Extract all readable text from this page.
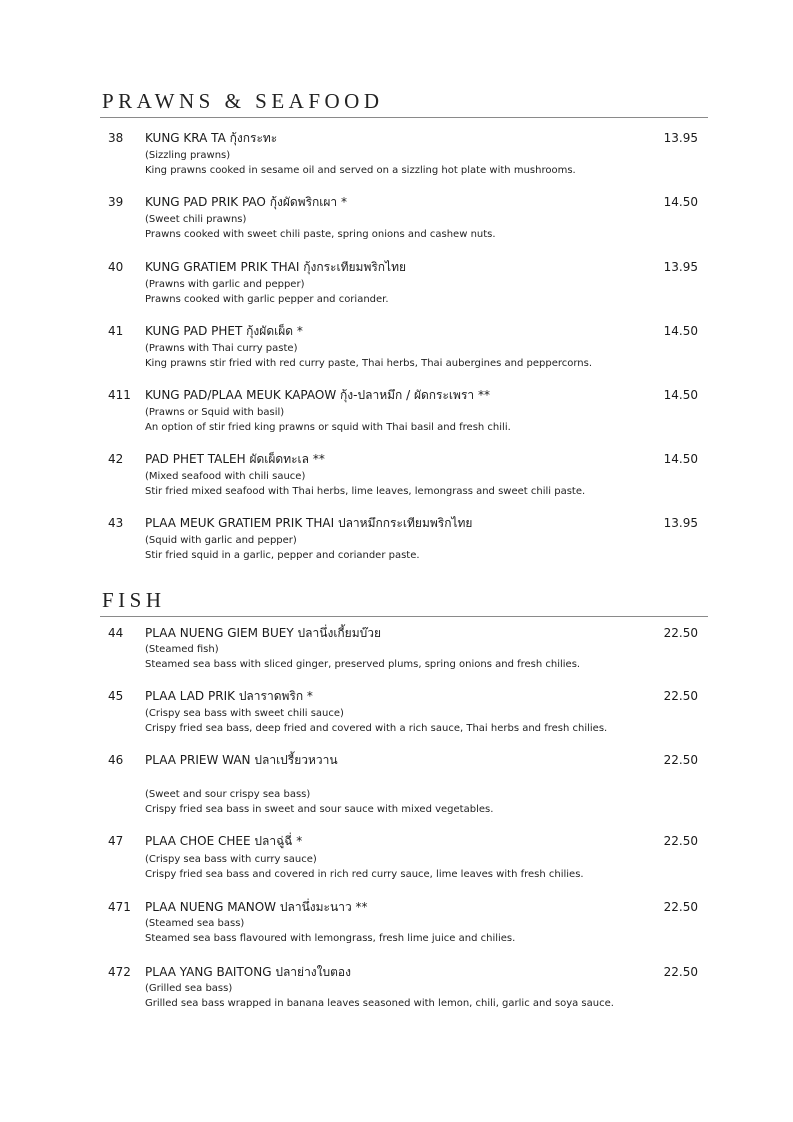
PRAWNS & SEAFOOD
38 KUNG KRA TA กุ้งกระทะ	13.95
(Sizzling prawns)
King prawns cooked in sesame oil and served on a sizzling hot plate with mushrooms.
39 KUNG PAD PRIK PAO กุ้งผัดพริกเผา *	14.50
(Sweet chili prawns)
Prawns cooked with sweet chili paste, spring onions and cashew nuts.
40 KUNG GRATIEM PRIK THAI กุ้งกระเทียมพริกไทย	13.95
(Prawns with garlic and pepper)
Prawns cooked with garlic pepper and coriander.
41 KUNG PAD PHET กุ้งผัดเผ็ด *	14.50
(Prawns with Thai curry paste)
King prawns stir fried with red curry paste, Thai herbs, Thai aubergines and peppercorns.
411 KUNG PAD/PLAA MEUK KAPAOW กุ้ง-ปลาหมึก / ผัดกระเพรา **	14.50
(Prawns or Squid with basil)
An option of stir fried king prawns or squid with Thai basil and fresh chili.
42 PAD PHET TALEH ผัดเผ็ดทะเล **	14.50
(Mixed seafood with chili sauce)
Stir fried mixed seafood with Thai herbs, lime leaves, lemongrass and sweet chili paste.
43 PLAA MEUK GRATIEM PRIK THAI ปลาหมึกกระเทียมพริกไทย	13.95
(Squid with garlic and pepper)
Stir fried squid in a garlic, pepper and coriander paste.
FISH
44 PLAA NUENG GIEM BUEY ปลานึ่งเกี้ยมบ๊วย	22.50
(Steamed fish)
Steamed sea bass with sliced ginger, preserved plums, spring onions and fresh chilies.
45 PLAA LAD PRIK ปลาราดพริก *	22.50
(Crispy sea bass with sweet chili sauce)
Crispy fried sea bass, deep fried and covered with a rich sauce, Thai herbs and fresh chilies.
46 PLAA PRIEW WAN ปลาเปรี้ยวหวาน	22.50
(Sweet and sour crispy sea bass)
Crispy fried sea bass in sweet and sour sauce with mixed vegetables.
47 PLAA CHOE CHEE ปลาฉู่ฉี่ *	22.50
(Crispy sea bass with curry sauce)
Crispy fried sea bass and covered in rich red curry sauce, lime leaves with fresh chilies.
471 PLAA NUENG MANOW ปลานึ่งมะนาว **	22.50
(Steamed sea bass)
Steamed sea bass flavoured with lemongrass, fresh lime juice and chilies.
472 PLAA YANG BAITONG ปลาย่างใบตอง	22.50
(Grilled sea bass)
Grilled sea bass wrapped in banana leaves seasoned with lemon, chili, garlic and soya sauce.
